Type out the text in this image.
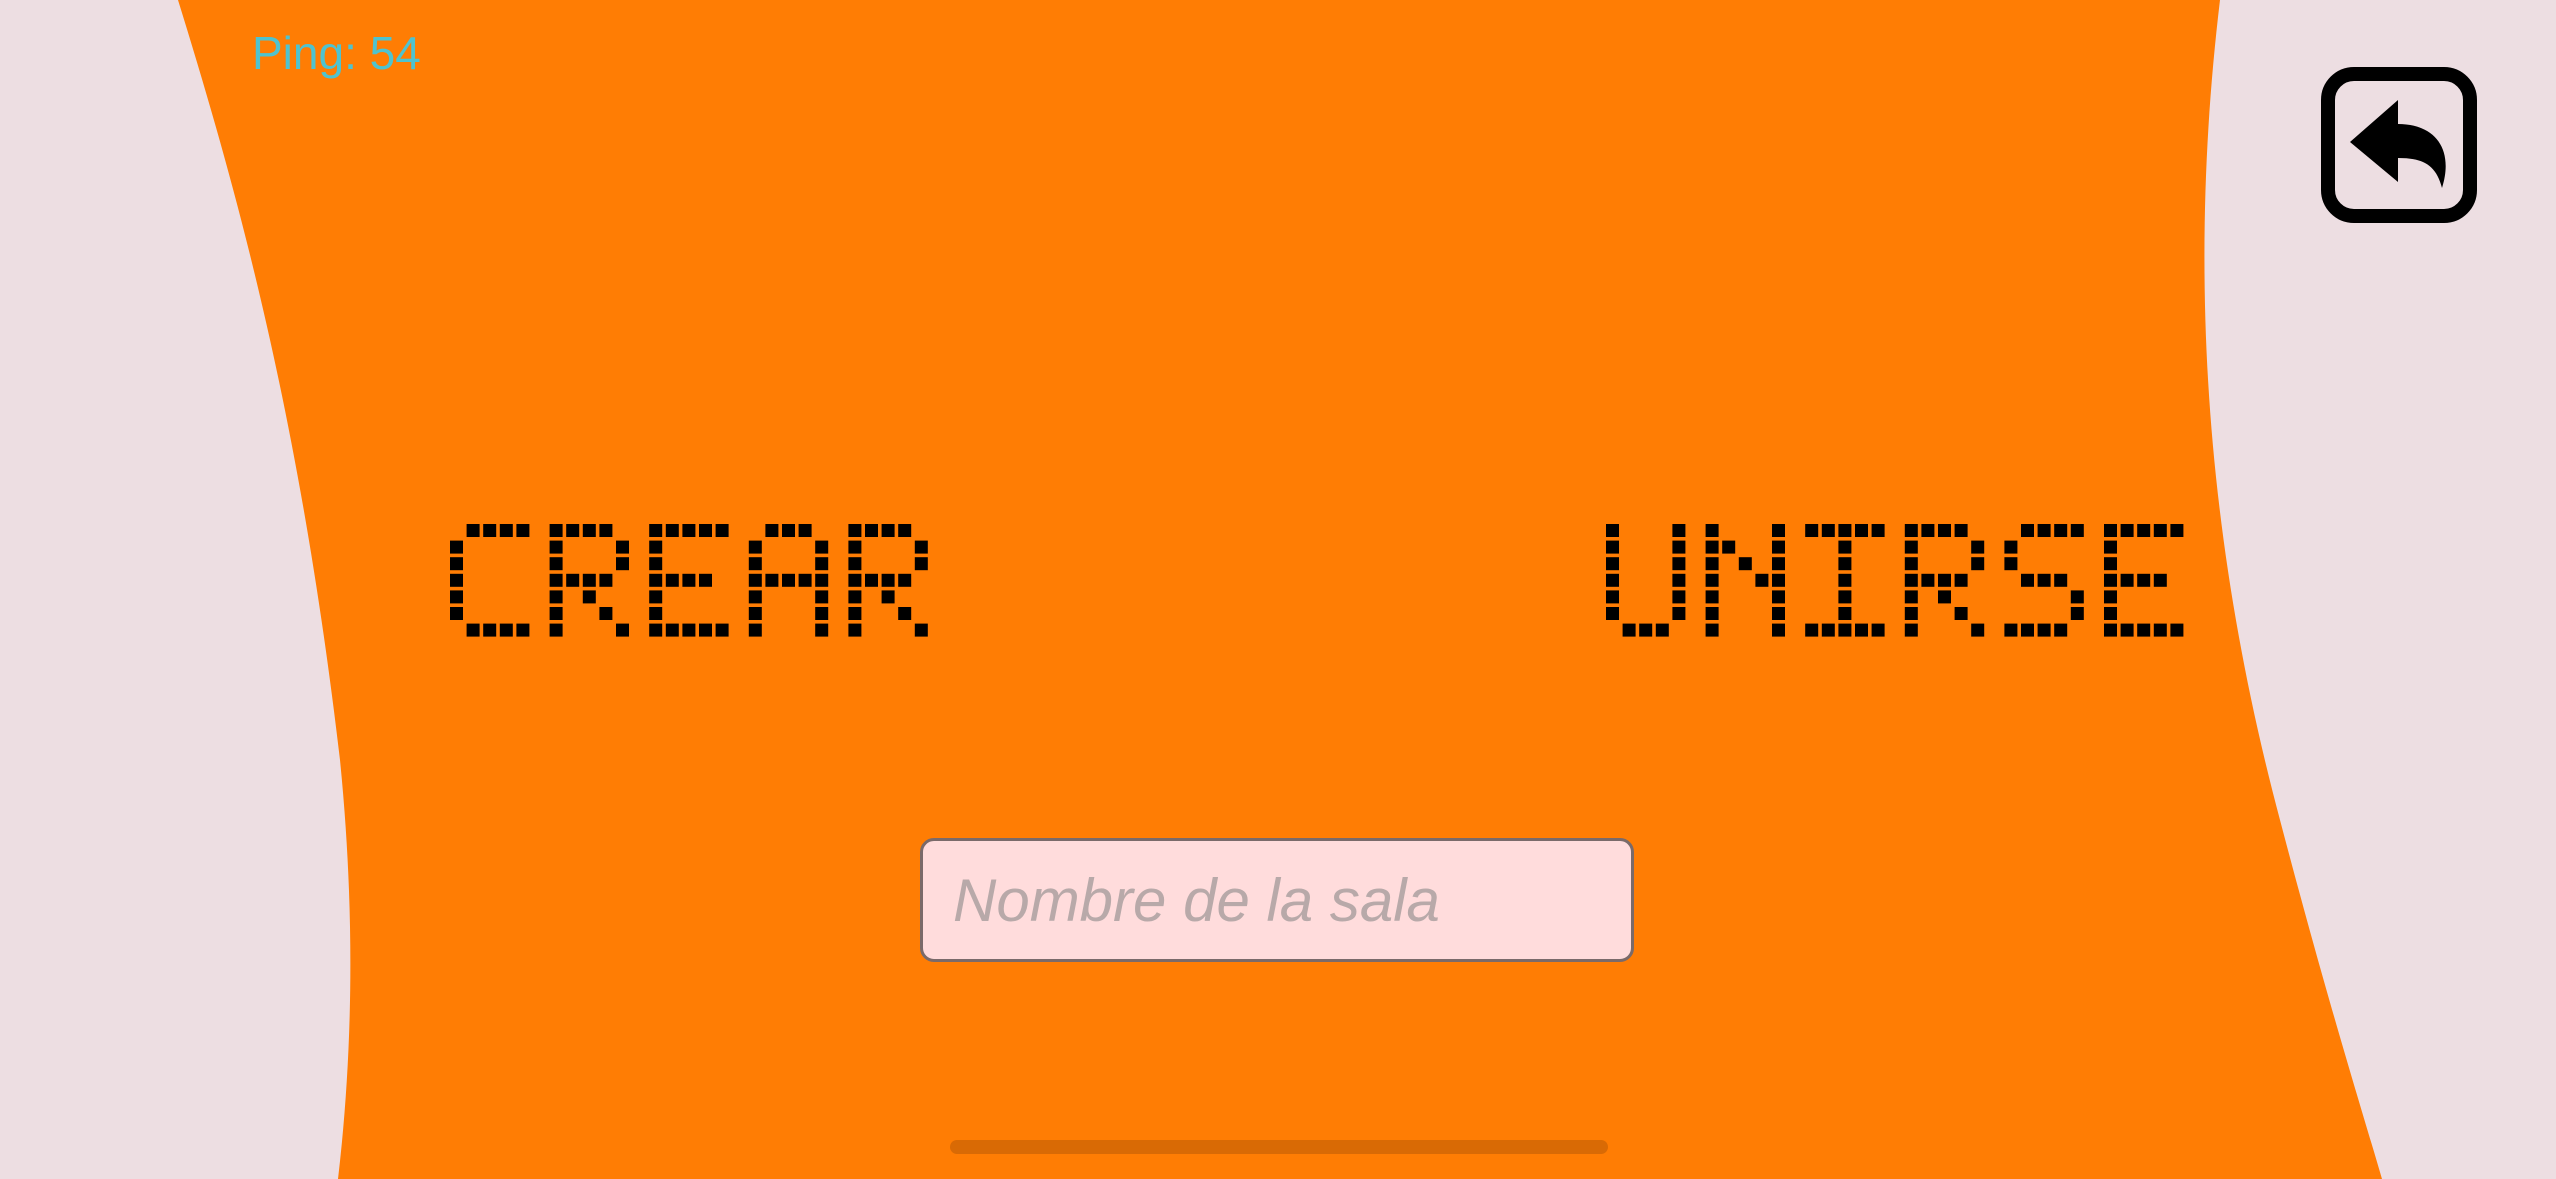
Ping: 54
Nombre de la sala
